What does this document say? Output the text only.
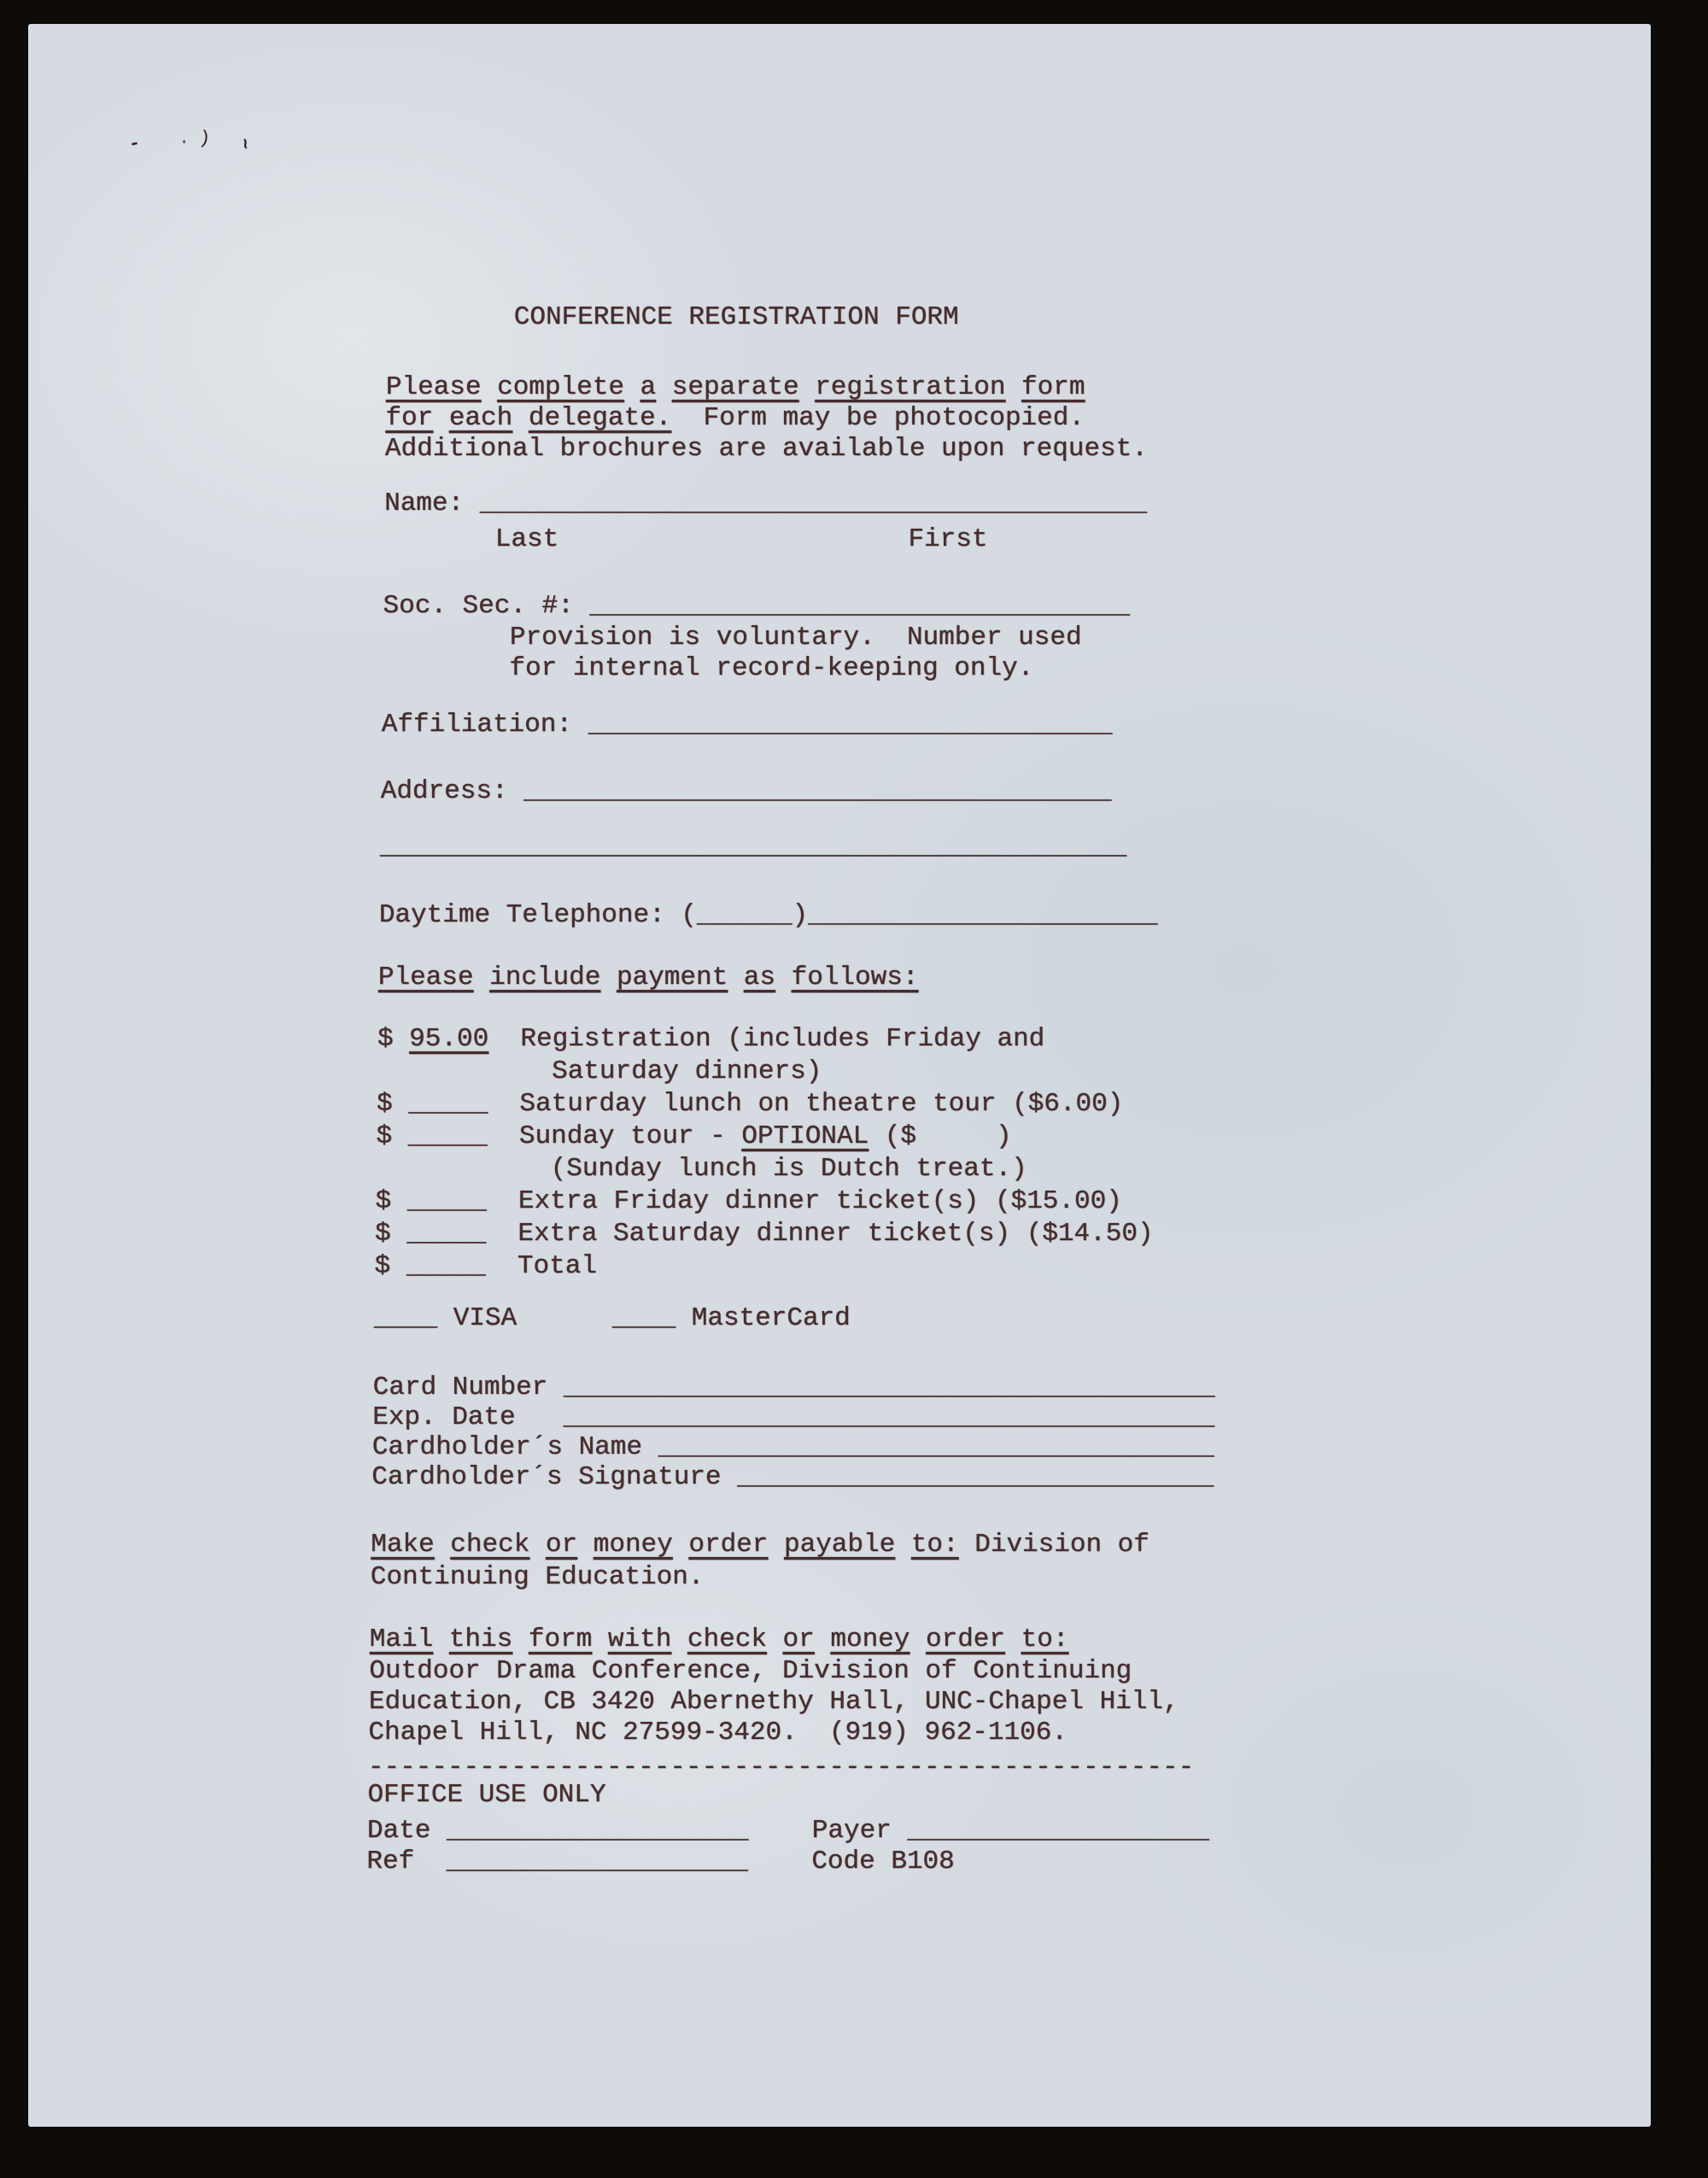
- · ) ~
CONFERENCE REGISTRATION FORM
Please complete a separate registration form
for each delegate.  Form may be photocopied.
Additional brochures are available upon request.
Name: __________________________________________
Last                      First
Soc. Sec. #: __________________________________
Provision is voluntary.  Number used
for internal record-keeping only.
Affiliation: _________________________________
Address: _____________________________________
_______________________________________________
Daytime Telephone: (______)______________________
Please include payment as follows:
$ 95.00  Registration (includes Friday and
Saturday dinners)
$ _____  Saturday lunch on theatre tour ($6.00)
$ _____  Sunday tour - OPTIONAL ($     )
(Sunday lunch is Dutch treat.)
$ _____  Extra Friday dinner ticket(s) ($15.00)
$ _____  Extra Saturday dinner ticket(s) ($14.50)
$ _____  Total
____ VISA      ____ MasterCard
Card Number _________________________________________
Exp. Date   _________________________________________
Cardholder´s Name ___________________________________
Cardholder´s Signature ______________________________
Make check or money order payable to: Division of
Continuing Education.
Mail this form with check or money order to:
Outdoor Drama Conference, Division of Continuing
Education, CB 3420 Abernethy Hall, UNC-Chapel Hill,
Chapel Hill, NC 27599-3420.  (919) 962-1106.
----------------------------------------------------
OFFICE USE ONLY
Date ___________________ Payer ___________________
Ref  ___________________ Code B108
